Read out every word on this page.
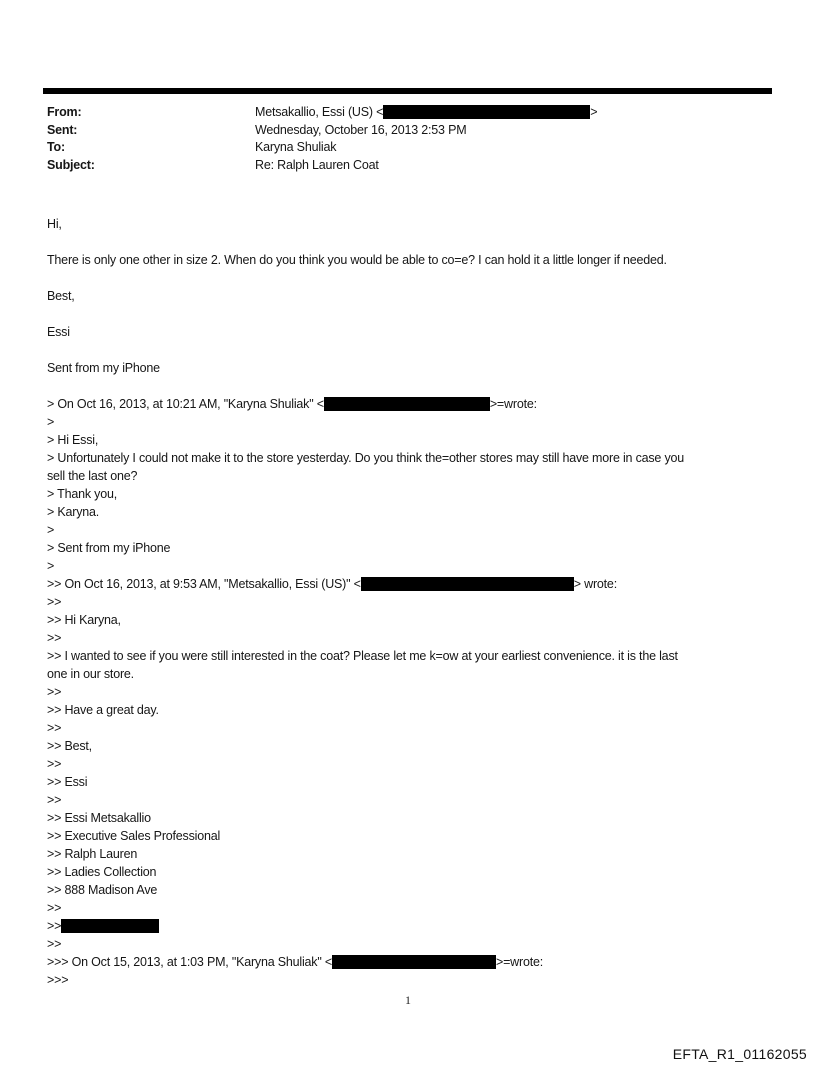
From:	Metsakallio, Essi (US) <	>
Sent:	Wednesday, October 16, 2013 2:53 PM
To:	Karyna Shuliak
Subject:	Re: Ralph Lauren Coat
Hi,
There is only one other in size 2. When do you think you would be able to co=e? I can hold it a little longer if needed.
Best,
Essi
Sent from my iPhone
> On Oct 16, 2013, at 10:21 AM, "Karyna Shuliak" <	>=wrote:
>
> Hi Essi,
> Unfortunately I could not make it to the store yesterday. Do you think the=other stores may still have more in case you
sell the last one?
> Thank you,
> Karyna.
>
> Sent from my iPhone
>
>> On Oct 16, 2013, at 9:53 AM, "Metsakallio, Essi (US)" <	> wrote:
>>
>> Hi Karyna,
>>
>> I wanted to see if you were still interested in the coat? Please let me k=ow at your earliest convenience. it is the last
one in our store.
>>
>> Have a great day.
>>
>> Best,
>>
>> Essi
>>
>> Essi Metsakallio
>> Executive Sales Professional
>> Ralph Lauren
>> Ladies Collection
>> 888 Madison Ave
>>
>>
>>
>>> On Oct 15, 2013, at 1:03 PM, "Karyna Shuliak" <	>=wrote:
>>>
1
EFTA_R1_01162055
